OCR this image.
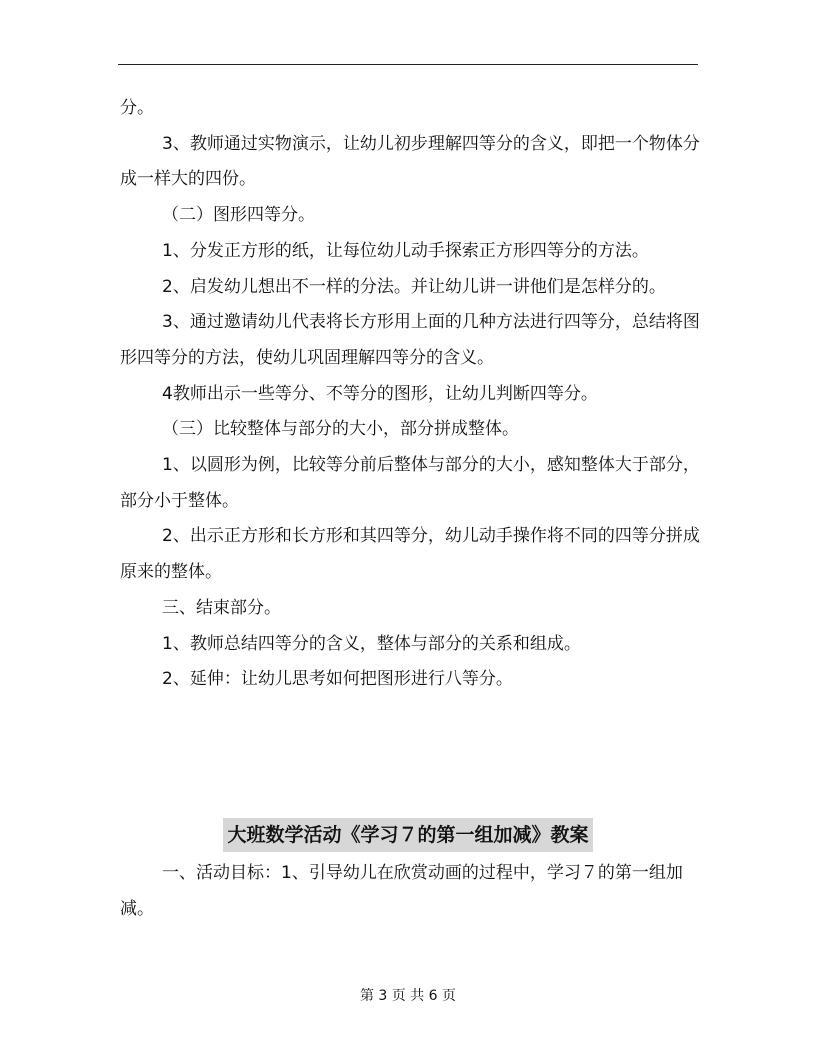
分。

3、教师通过实物演示，让幼儿初步理解四等分的含义，即把一个物体分成一样大的四份。

（二）图形四等分。

1、分发正方形的纸，让每位幼儿动手探索正方形四等分的方法。

2、启发幼儿想出不一样的分法。并让幼儿讲一讲他们是怎样分的。

3、通过邀请幼儿代表将长方形用上面的几种方法进行四等分，总结将图形四等分的方法，使幼儿巩固理解四等分的含义。

4教师出示一些等分、不等分的图形，让幼儿判断四等分。

（三）比较整体与部分的大小，部分拼成整体。

1、以圆形为例，比较等分前后整体与部分的大小，感知整体大于部分，部分小于整体。

2、出示正方形和长方形和其四等分，幼儿动手操作将不同的四等分拼成原来的整体。

三、结束部分。

1、教师总结四等分的含义，整体与部分的关系和组成。

2、延伸：让幼儿思考如何把图形进行八等分。

大班数学活动《学习７的第一组加减》教案

一、活动目标：1、引导幼儿在欣赏动画的过程中，学习７的第一组加减。

第 3 页 共 6 页
